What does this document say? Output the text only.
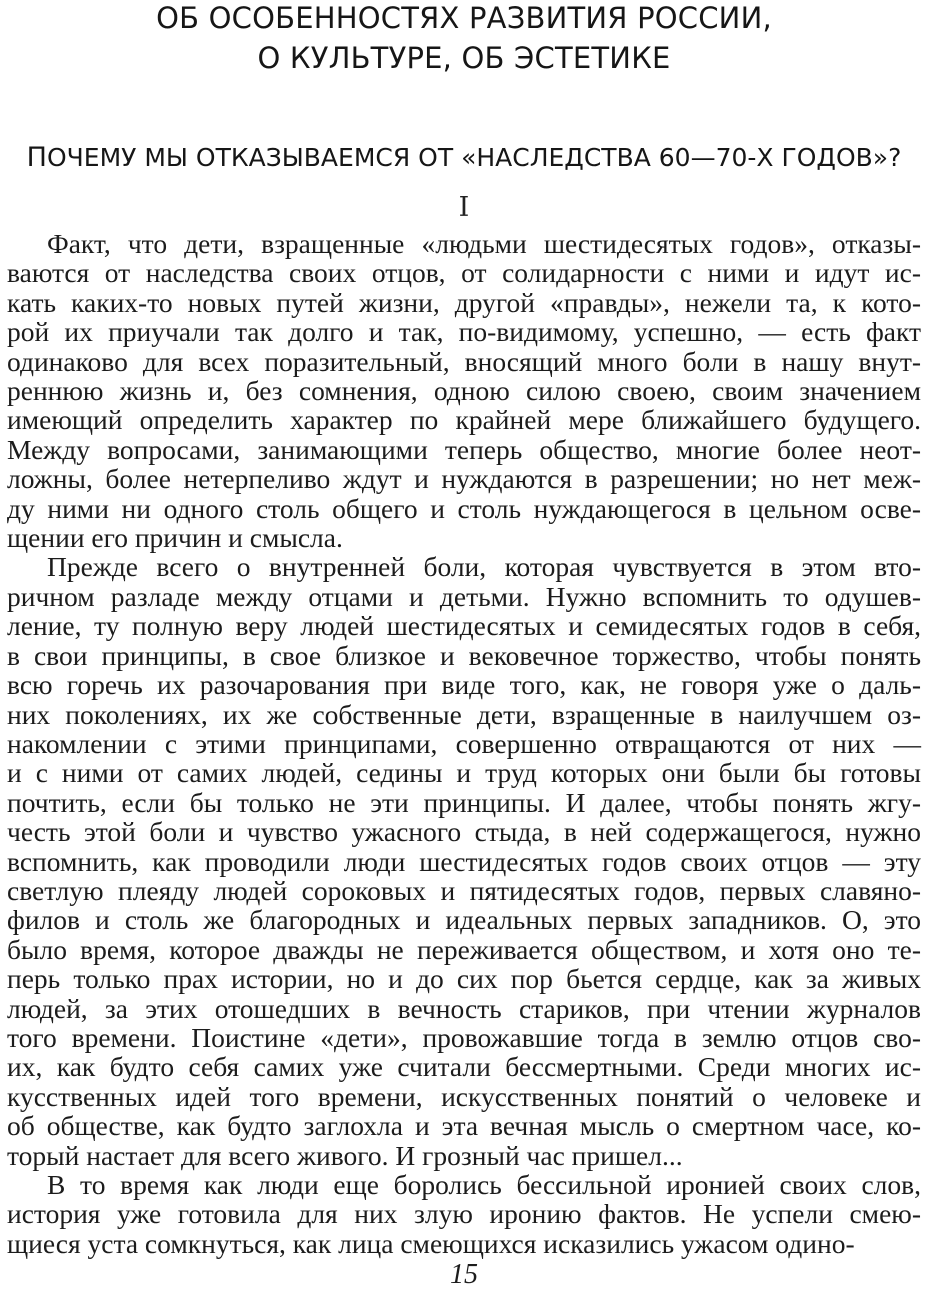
ОБ ОСОБЕННОСТЯХ РАЗВИТИЯ РОССИИ,
О КУЛЬТУРЕ, ОБ ЭСТЕТИКЕ
ПОЧЕМУ МЫ ОТКАЗЫВАЕМСЯ ОТ «НАСЛЕДСТВА 60—70-Х ГОДОВ»?
I
Факт, что дети, взращенные «людьми шестидесятых годов», отказы-
ваются от наследства своих отцов, от солидарности с ними и идут ис-
кать каких-то новых путей жизни, другой «правды», нежели та, к кото-
рой их приучали так долго и так, по-видимому, успешно, — есть факт
одинаково для всех поразительный, вносящий много боли в нашу внут-
реннюю жизнь и, без сомнения, одною силою своею, своим значением
имеющий определить характер по крайней мере ближайшего будущего.
Между вопросами, занимающими теперь общество, многие более неот-
ложны, более нетерпеливо ждут и нуждаются в разрешении; но нет меж-
ду ними ни одного столь общего и столь нуждающегося в цельном осве-
щении его причин и смысла.
Прежде всего о внутренней боли, которая чувствуется в этом вто-
ричном разладе между отцами и детьми. Нужно вспомнить то одушев-
ление, ту полную веру людей шестидесятых и семидесятых годов в себя,
в свои принципы, в свое близкое и вековечное торжество, чтобы понять
всю горечь их разочарования при виде того, как, не говоря уже о даль-
них поколениях, их же собственные дети, взращенные в наилучшем оз-
накомлении с этими принципами, совершенно отвращаются от них —
и с ними от самих людей, седины и труд которых они были бы готовы
почтить, если бы только не эти принципы. И далее, чтобы понять жгу-
честь этой боли и чувство ужасного стыда, в ней содержащегося, нужно
вспомнить, как проводили люди шестидесятых годов своих отцов — эту
светлую плеяду людей сороковых и пятидесятых годов, первых славяно-
филов и столь же благородных и идеальных первых западников. О, это
было время, которое дважды не переживается обществом, и хотя оно те-
перь только прах истории, но и до сих пор бьется сердце, как за живых
людей, за этих отошедших в вечность стариков, при чтении журналов
того времени. Поистине «дети», провожавшие тогда в землю отцов сво-
их, как будто себя самих уже считали бессмертными. Среди многих ис-
кусственных идей того времени, искусственных понятий о человеке и
об обществе, как будто заглохла и эта вечная мысль о смертном часе, ко-
торый настает для всего живого. И грозный час пришел...
В то время как люди еще боролись бессильной иронией своих слов,
история уже готовила для них злую иронию фактов. Не успели смею-
щиеся уста сомкнуться, как лица смеющихся исказились ужасом одино-
15
